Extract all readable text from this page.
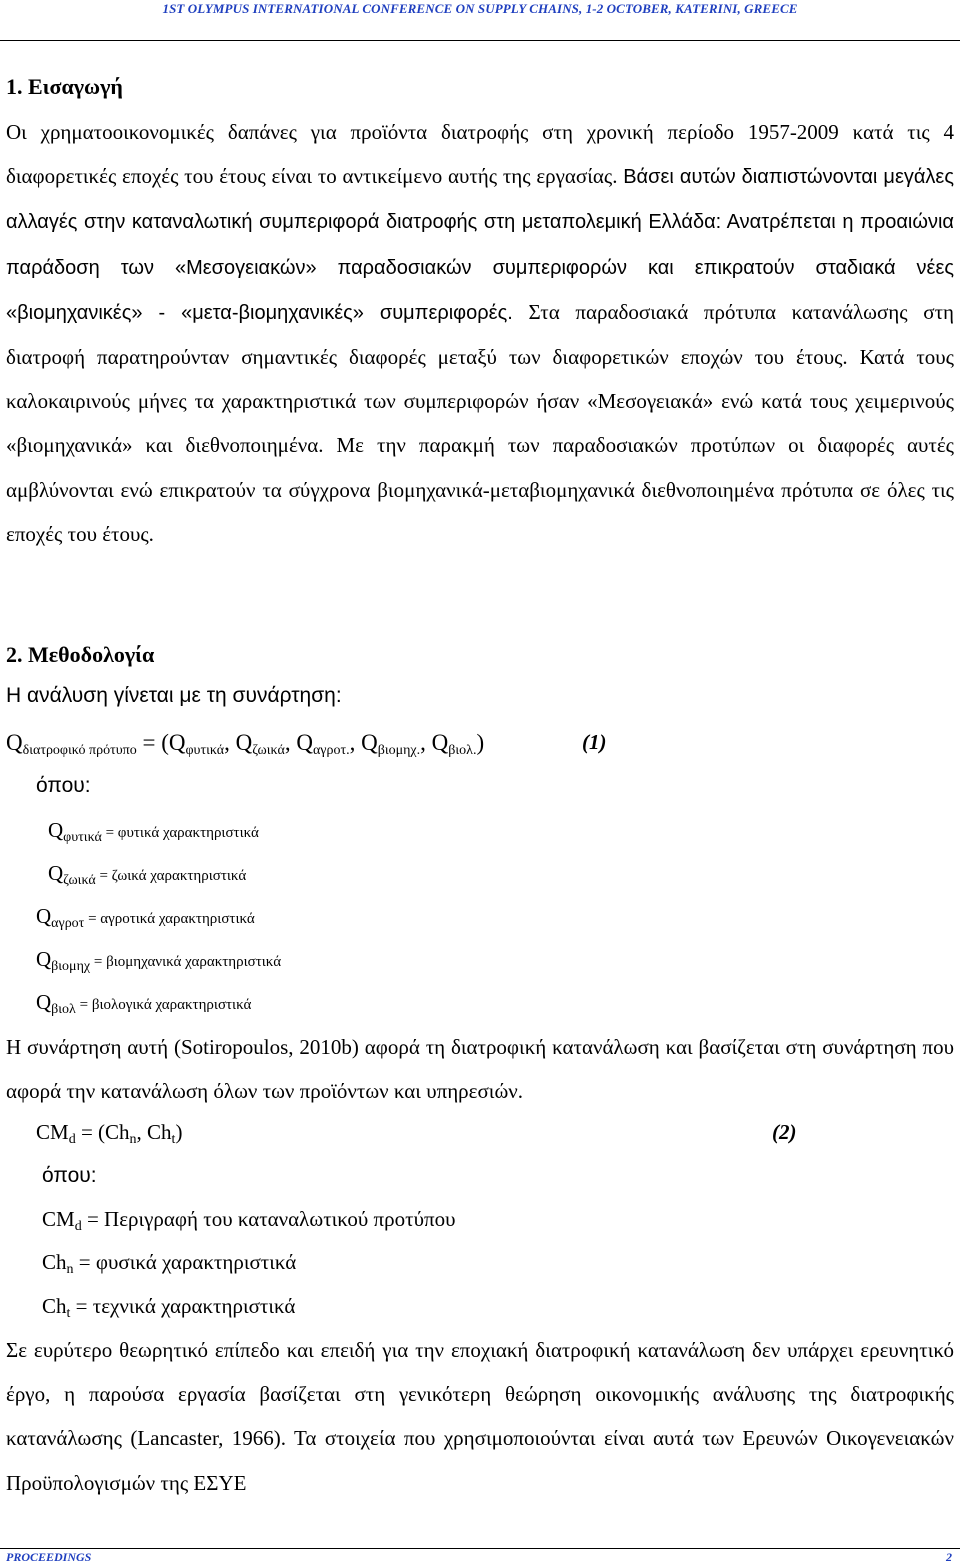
1ST OLYMPUS INTERNATIONAL CONFERENCE ON SUPPLY CHAINS, 1-2 OCTOBER, KATERINI, GREECE
1. Εισαγωγή
Οι χρηματοοικονομικές δαπάνες για προϊόντα διατροφής στη χρονική περίοδο 1957-2009 κατά τις 4 διαφορετικές εποχές του έτους είναι το αντικείμενο αυτής της εργασίας. Βάσει αυτών διαπιστώνονται μεγάλες αλλαγές στην καταναλωτική συμπεριφορά διατροφής στη μεταπολεμική Ελλάδα: Ανατρέπεται η προαιώνια παράδοση των «Μεσογειακών» παραδοσιακών συμπεριφορών και επικρατούν σταδιακά νέες «βιομηχανικές» - «μετα-βιομηχανικές» συμπεριφορές. Στα παραδοσιακά πρότυπα κατανάλωσης στη διατροφή παρατηρούνταν σημαντικές διαφορές μεταξύ των διαφορετικών εποχών του έτους. Κατά τους καλοκαιρινούς μήνες τα χαρακτηριστικά των συμπεριφορών ήσαν «Μεσογειακά» ενώ κατά τους χειμερινούς «βιομηχανικά» και διεθνοποιημένα. Με την παρακμή των παραδοσιακών προτύπων οι διαφορές αυτές αμβλύνονται ενώ επικρατούν τα σύγχρονα βιομηχανικά-μεταβιομηχανικά διεθνοποιημένα πρότυπα σε όλες τις εποχές του έτους.
2. Μεθοδολογία
Η ανάλυση γίνεται με τη συνάρτηση:
$Q_{\delta\iota\alpha\tau\rho o\varphi\iota\kappa ό \pi\rho ό\tau\upsilon\pi o} = (Q_{\varphi\upsilon\tau\iota\kappa ά}$, $Q_{\zeta\omega\iota\kappa ά}$, $Q_{\alpha\gamma\rho o\tau.}$, $Q_{\beta\iota o\mu\eta\chi.}$, $Q_{\beta\iota o\lambda.}$)	(1)
όπου:
Qφυτικά = φυτικά χαρακτηριστικά
Qζωικά = ζωικά χαρακτηριστικά
Qαγροτ = αγροτικά χαρακτηριστικά
Qβιομηχ = βιομηχανικά χαρακτηριστικά
Qβιολ = βιολογικά χαρακτηριστικά
Η συνάρτηση αυτή (Sotiropoulos, 2010b) αφορά τη διατροφική κατανάλωση και βασίζεται στη συνάρτηση που αφορά την κατανάλωση όλων των προϊόντων και υπηρεσιών.
$CM_d = (Ch_n$, $Ch_t$)	(2)
όπου:
$CM_d = \Pi\varepsilon\rho\iota\gamma\rho\alpha\varphi ή$ του καταναλωτικού προτύπου
$Ch_n = \varphi\upsilon\sigma\iota\kappa ά$ χαρακτηριστικά
$Ch_t = \tau\varepsilon\chi\nu\iota\kappa ά$ χαρακτηριστικά
Σε ευρύτερο θεωρητικό επίπεδο και επειδή για την εποχιακή διατροφική κατανάλωση δεν υπάρχει ερευνητικό έργο, η παρούσα εργασία βασίζεται στη γενικότερη θεώρηση οικονομικής ανάλυσης της διατροφικής κατανάλωσης (Lancaster, 1966). Τα στοιχεία που χρησιμοποιούνται είναι αυτά των Ερευνών Οικογενειακών Προϋπολογισμών της ΕΣΥΕ
PROCEEDINGS	2
